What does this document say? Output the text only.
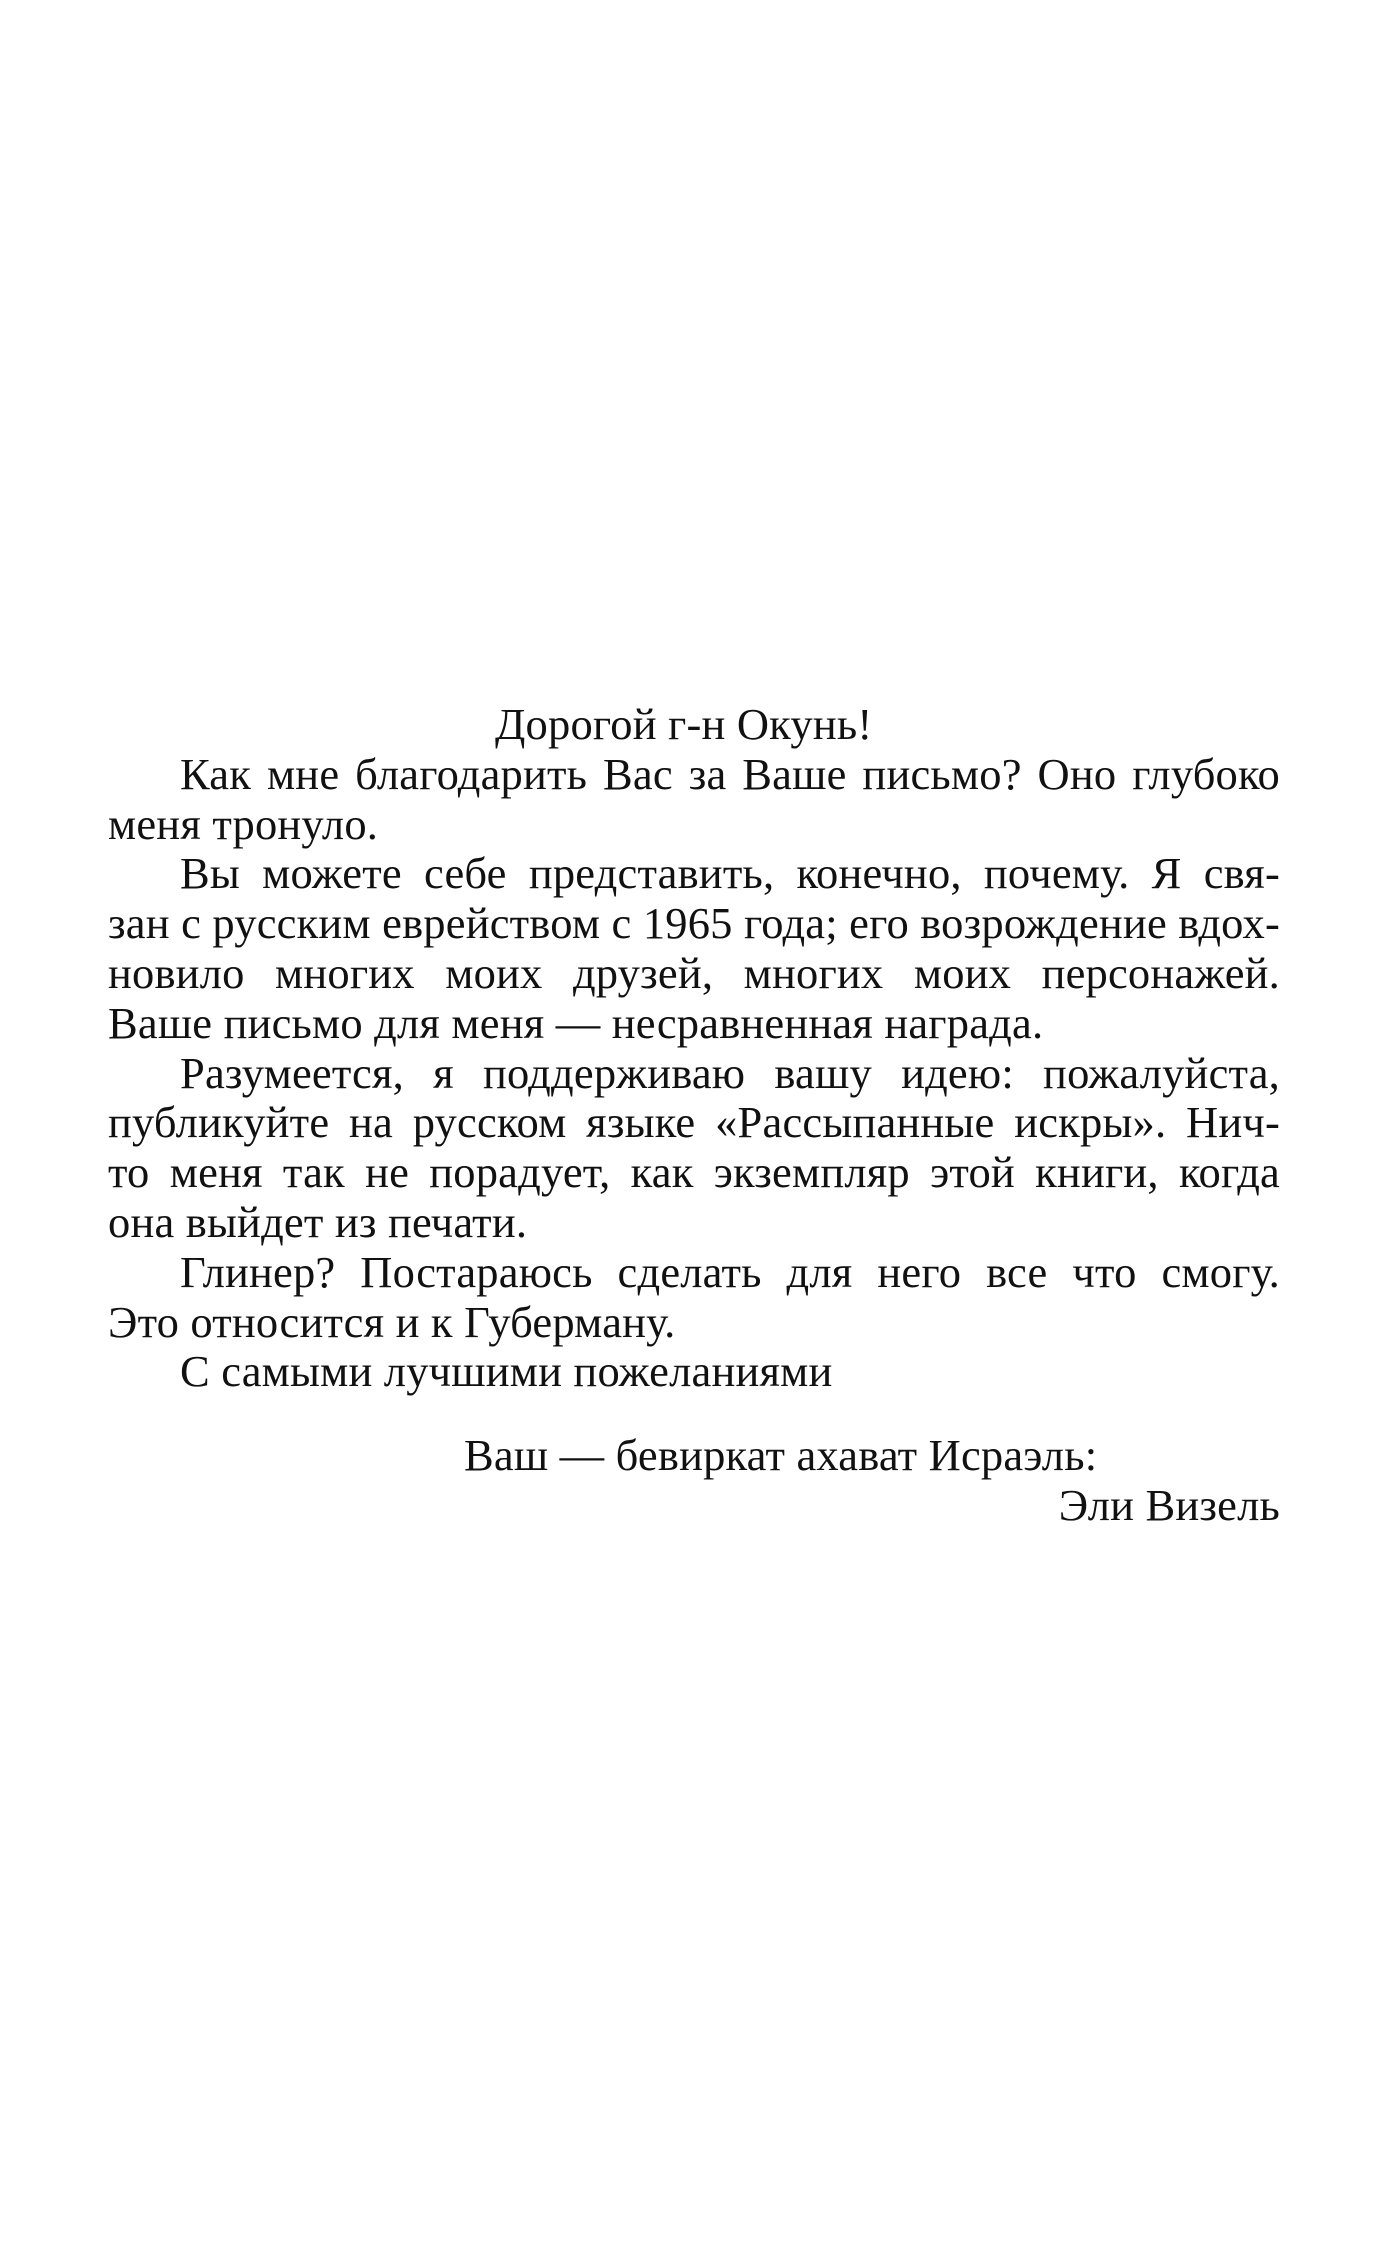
Дорогой г-н Окунь!

Как мне благодарить Вас за Ваше письмо? Оно глубоко
меня тронуло.

Вы можете себе представить, конечно, почему. Я свя-
зан с русским еврейством с 1965 года; его возрождение вдох-
новило многих моих друзей, многих моих персонажей.
Ваше письмо для меня — несравненная награда.

Разумеется, я поддерживаю вашу идею: пожалуйста,
публикуйте на русском языке «Рассыпанные искры». Нич-
то меня так не порадует, как экземпляр этой книги, когда
она выйдет из печати.

Глинер? Постараюсь сделать для него все что смогу.
Это относится и к Губерману.

С самыми лучшими пожеланиями

Ваш — бевиркат ахават Исраэль:
Эли Визель
